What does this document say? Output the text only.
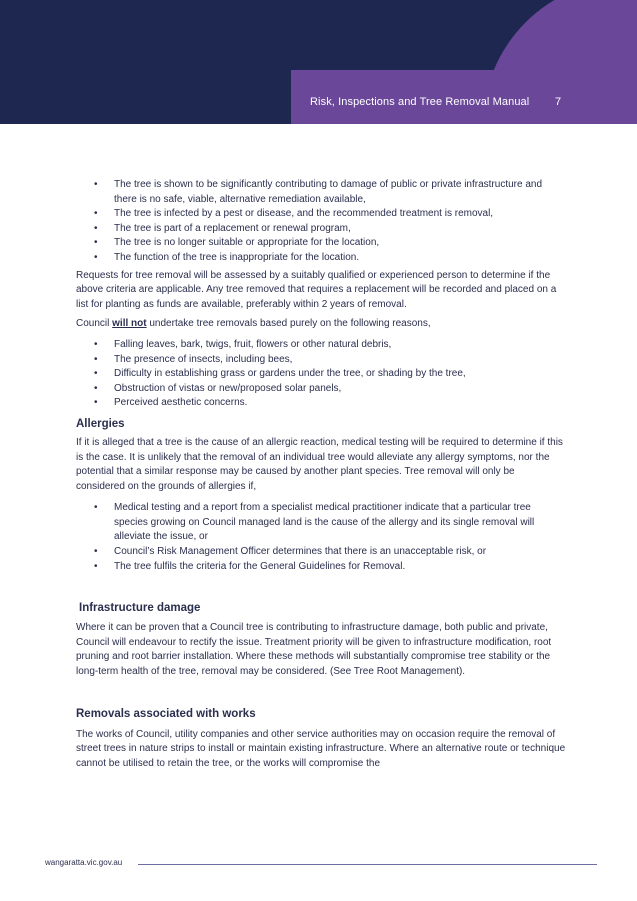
Risk, Inspections and Tree Removal Manual 7
• The tree is shown to be significantly contributing to damage of public or private infrastructure and there is no safe, viable, alternative remediation available,
• The tree is infected by a pest or disease, and the recommended treatment is removal,
• The tree is part of a replacement or renewal program,
• The tree is no longer suitable or appropriate for the location,
• The function of the tree is inappropriate for the location.

Requests for tree removal will be assessed by a suitably qualified or experienced person to determine if the above criteria are applicable. Any tree removed that requires a replacement will be recorded and placed on a list for planting as funds are available, preferably within 2 years of removal.

Council will not undertake tree removals based purely on the following reasons,

• Falling leaves, bark, twigs, fruit, flowers or other natural debris,
• The presence of insects, including bees,
• Difficulty in establishing grass or gardens under the tree, or shading by the tree,
• Obstruction of vistas or new/proposed solar panels,
• Perceived aesthetic concerns.
Allergies

If it is alleged that a tree is the cause of an allergic reaction, medical testing will be required to determine if this is the case. It is unlikely that the removal of an individual tree would alleviate any allergy symptoms, nor the potential that a similar response may be caused by another plant species. Tree removal will only be considered on the grounds of allergies if,

• Medical testing and a report from a specialist medical practitioner indicate that a particular tree species growing on Council managed land is the cause of the allergy and its single removal will alleviate the issue, or
• Council’s Risk Management Officer determines that there is an unacceptable risk, or
• The tree fulfils the criteria for the General Guidelines for Removal.
Infrastructure damage

Where it can be proven that a Council tree is contributing to infrastructure damage, both public and private, Council will endeavour to rectify the issue. Treatment priority will be given to infrastructure modification, root pruning and root barrier installation. Where these methods will substantially compromise tree stability or the long-term health of the tree, removal may be considered. (See Tree Root Management).

Removals associated with works

The works of Council, utility companies and other service authorities may on occasion require the removal of street trees in nature strips to install or maintain existing infrastructure. Where an alternative route or technique cannot be utilised to retain the tree, or the works will compromise the

wangaratta.vic.gov.au
